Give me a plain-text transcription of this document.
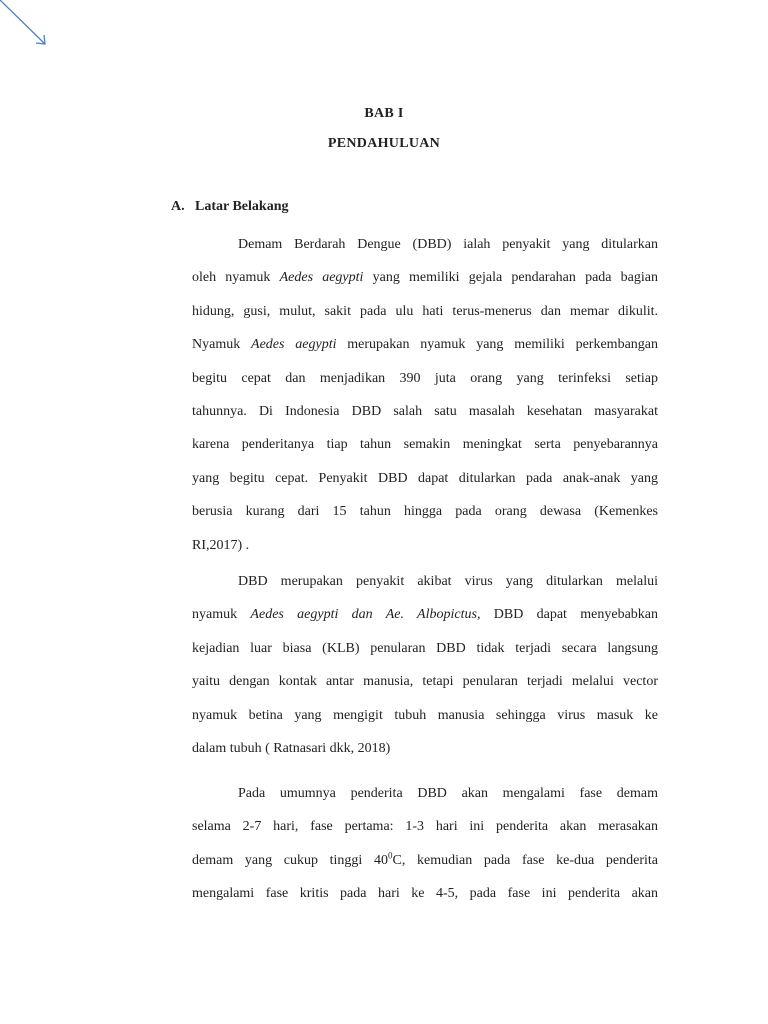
BAB I
PENDAHULUAN
A. Latar Belakang
Demam Berdarah Dengue (DBD) ialah penyakit yang ditularkan
oleh nyamuk Aedes aegypti yang memiliki gejala pendarahan pada bagian
hidung, gusi, mulut, sakit pada ulu hati terus-menerus dan memar dikulit.
Nyamuk Aedes aegypti merupakan nyamuk yang memiliki perkembangan
begitu cepat dan menjadikan 390 juta orang yang terinfeksi setiap
tahunnya. Di Indonesia DBD salah satu masalah kesehatan masyarakat
karena penderitanya tiap tahun semakin meningkat serta penyebarannya
yang begitu cepat. Penyakit DBD dapat ditularkan pada anak-anak yang
berusia kurang dari 15 tahun hingga pada orang dewasa (Kemenkes
RI,2017) .
DBD merupakan penyakit akibat virus yang ditularkan melalui
nyamuk Aedes aegypti dan Ae. Albopictus, DBD dapat menyebabkan
kejadian luar biasa (KLB) penularan DBD tidak terjadi secara langsung
yaitu dengan kontak antar manusia, tetapi penularan terjadi melalui vector
nyamuk betina yang mengigit tubuh manusia sehingga virus masuk ke
dalam tubuh ( Ratnasari dkk, 2018)
Pada umumnya penderita DBD akan mengalami fase demam
selama 2-7 hari, fase pertama: 1-3 hari ini penderita akan merasakan
demam yang cukup tinggi $40^0C$, kemudian pada fase ke-dua penderita
mengalami fase kritis pada hari ke 4-5, pada fase ini penderita akan
